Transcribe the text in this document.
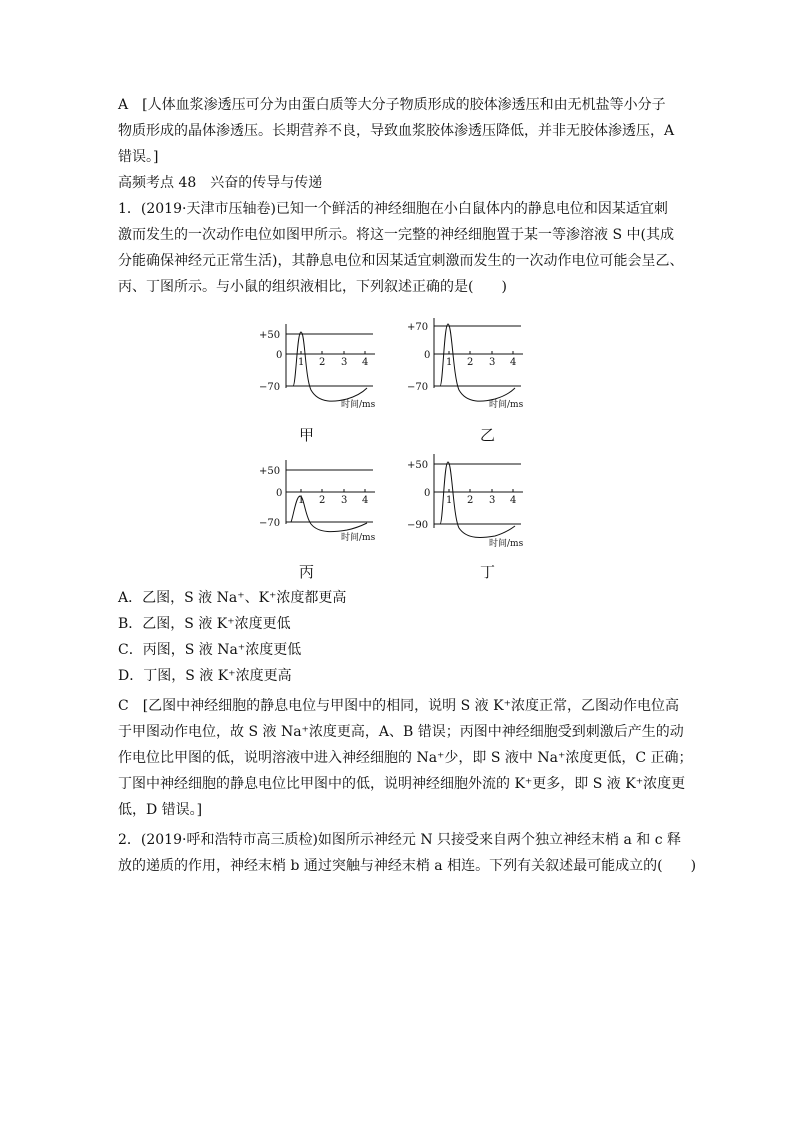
A　[人体血浆渗透压可分为由蛋白质等大分子物质形成的胶体渗透压和由无机盐等小分子

物质形成的晶体渗透压。长期营养不良，导致血浆胶体渗透压降低，并非无胶体渗透压，A

错误。]

高频考点 48　兴奋的传导与传递

1．(2019·天津市压轴卷)已知一个鲜活的神经细胞在小白鼠体内的静息电位和因某适宜刺

激而发生的一次动作电位如图甲所示。将这一完整的神经细胞置于某一等渗溶液 S 中(其成

分能确保神经元正常生活)，其静息电位和因某适宜刺激而发生的一次动作电位可能会呈乙、

丙、丁图所示。与小鼠的组织液相比，下列叙述正确的是(　　)

+50
0
−70
1 2 3 4
时间/ms
甲
+70
0
−70
1 2 3 4
时间/ms
乙
+50
0
−70
1 2 3 4
时间/ms
丙
+50
0
−90
1 2 3 4
时间/ms
丁

A．乙图，S 液 Na⁺、K⁺浓度都更高

B．乙图，S 液 K⁺浓度更低

C．丙图，S 液 Na⁺浓度更低

D．丁图，S 液 K⁺浓度更高

C　[乙图中神经细胞的静息电位与甲图中的相同，说明 S 液 K⁺浓度正常，乙图动作电位高

于甲图动作电位，故 S 液 Na⁺浓度更高，A、B 错误；丙图中神经细胞受到刺激后产生的动

作电位比甲图的低，说明溶液中进入神经细胞的 Na⁺少，即 S 液中 Na⁺浓度更低，C 正确；

丁图中神经细胞的静息电位比甲图中的低，说明神经细胞外流的 K⁺更多，即 S 液 K⁺浓度更

低，D 错误。]

2．(2019·呼和浩特市高三质检)如图所示神经元 N 只接受来自两个独立神经末梢 a 和 c 释

放的递质的作用，神经末梢 b 通过突触与神经末梢 a 相连。下列有关叙述最可能成立的(　　)
